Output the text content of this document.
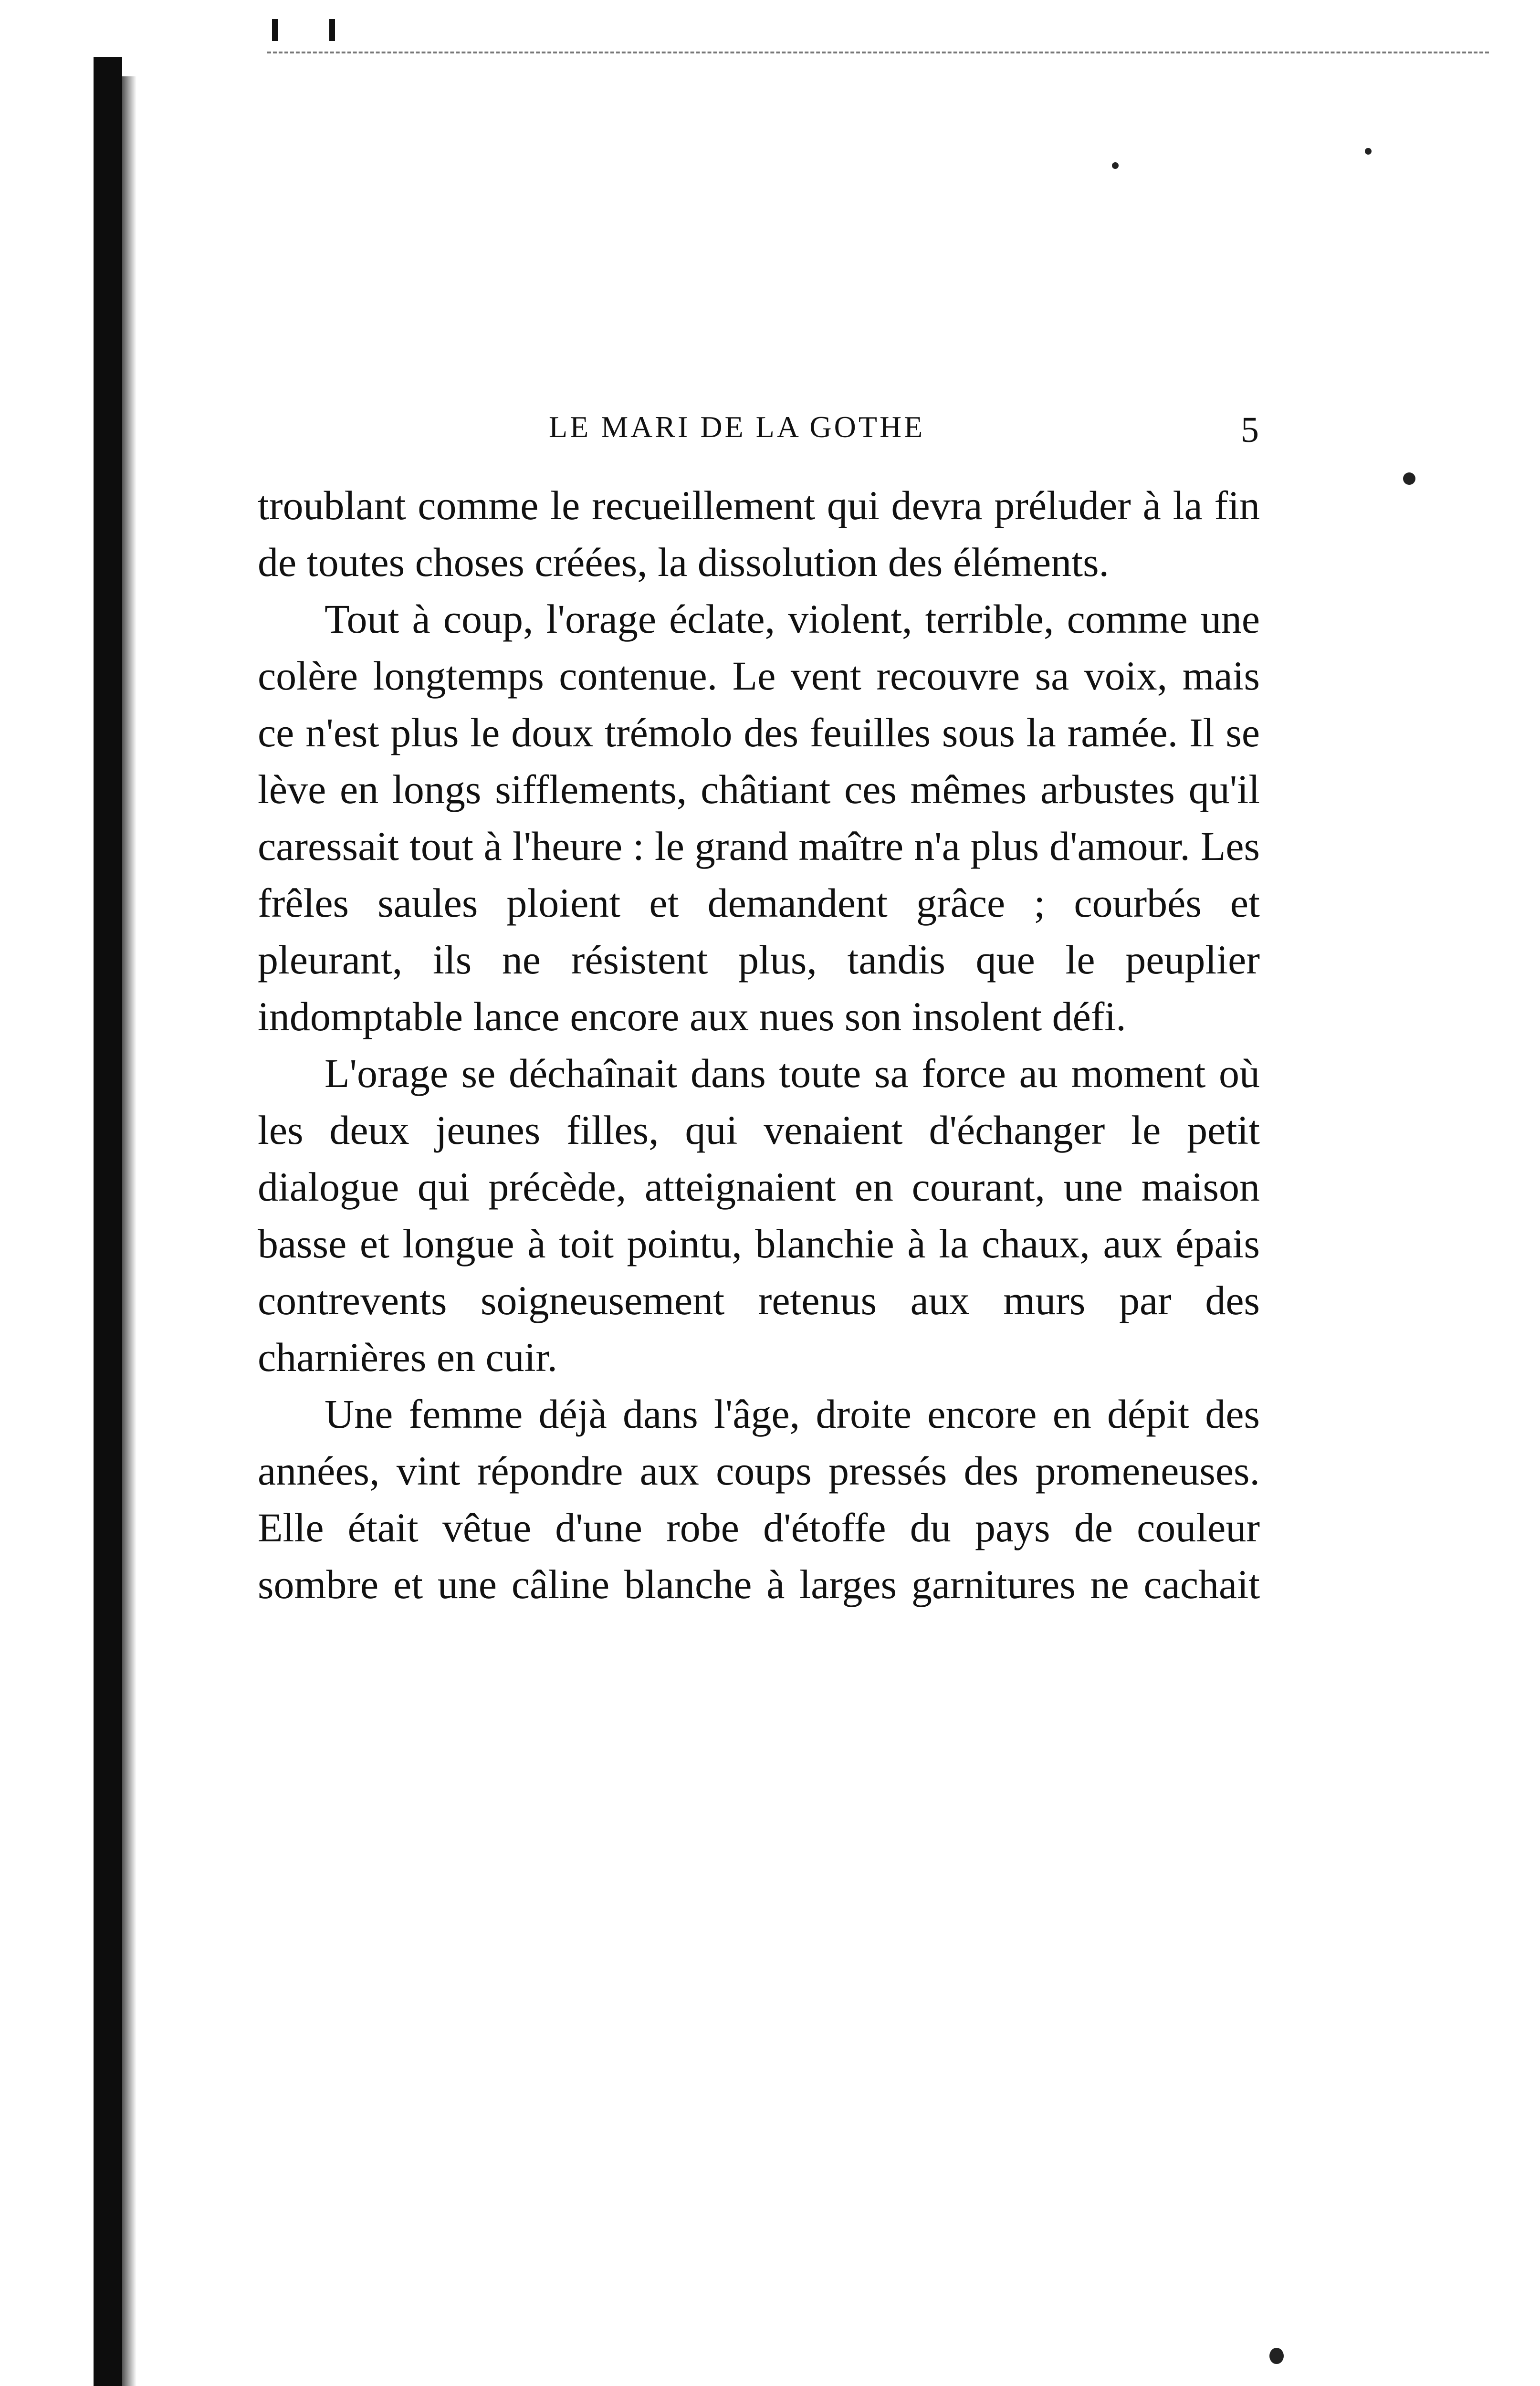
LE MARI DE LA GOTHE	5

troublant comme le recueillement qui devra préluder à la fin de toutes choses créées, la dissolution des éléments.

Tout à coup, l'orage éclate, violent, terrible, comme une colère longtemps contenue. Le vent recouvre sa voix, mais ce n'est plus le doux trémolo des feuilles sous la ramée. Il se lève en longs sifflements, châtiant ces mêmes arbustes qu'il caressait tout à l'heure : le grand maître n'a plus d'amour. Les frêles saules ploient et demandent grâce ; courbés et pleurant, ils ne résistent plus, tandis que le peuplier indomptable lance encore aux nues son insolent défi.

L'orage se déchaînait dans toute sa force au moment où les deux jeunes filles, qui venaient d'échanger le petit dialogue qui précède, atteignaient en courant, une maison basse et longue à toit pointu, blanchie à la chaux, aux épais contrevents soigneusement retenus aux murs par des charnières en cuir.

Une femme déjà dans l'âge, droite encore en dépit des années, vint répondre aux coups pressés des promeneuses. Elle était vêtue d'une robe d'étoffe du pays de couleur sombre et une câline blanche à larges garnitures ne cachait
